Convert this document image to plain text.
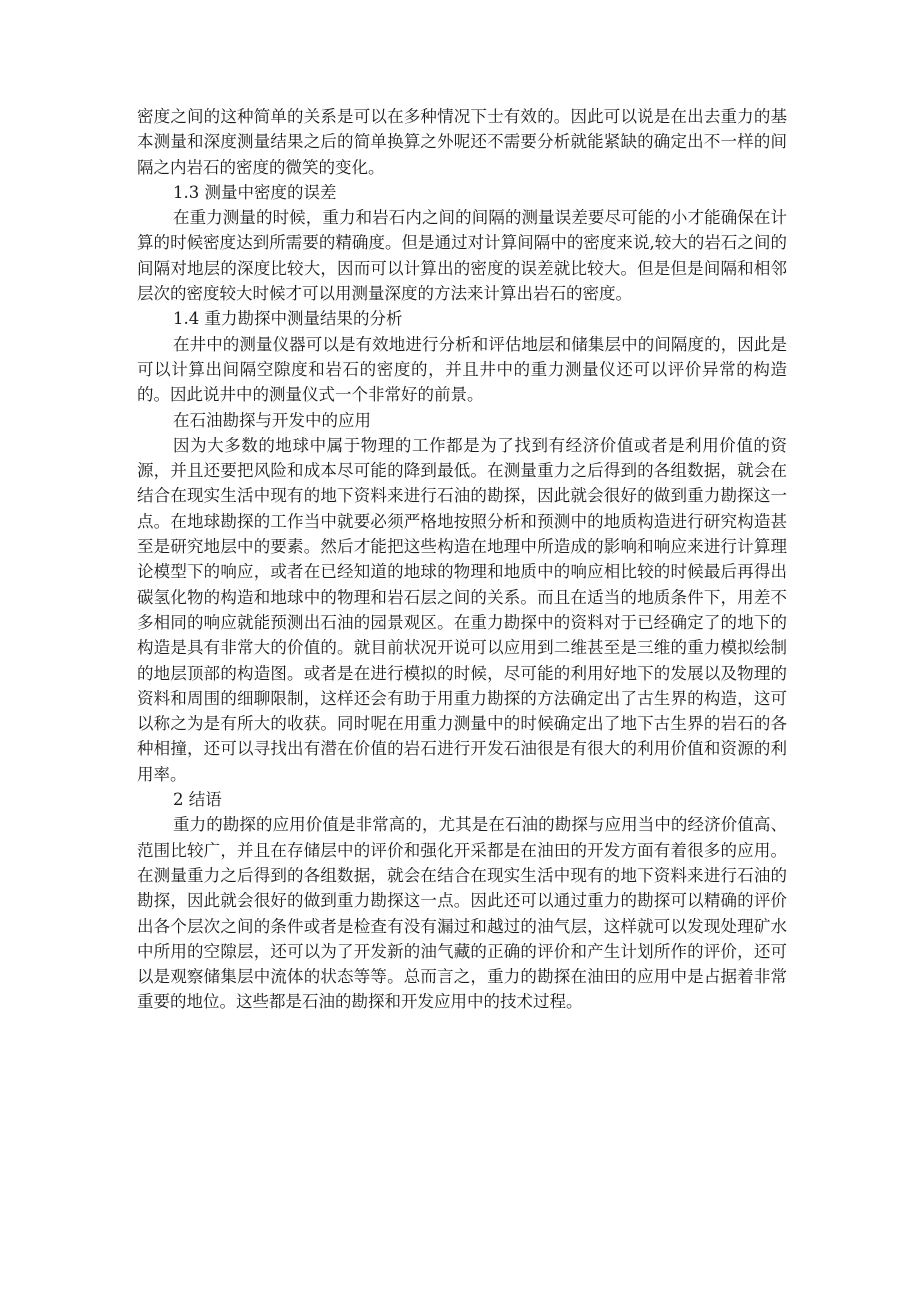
密度之间的这种简单的关系是可以在多种情况下士有效的。因此可以说是在出去重力的基本测量和深度测量结果之后的简单换算之外呢还不需要分析就能紧缺的确定出不一样的间隔之内岩石的密度的微笑的变化。

1.3 测量中密度的误差

在重力测量的时候，重力和岩石内之间的间隔的测量误差要尽可能的小才能确保在计算的时候密度达到所需要的精确度。但是通过对计算间隔中的密度来说,较大的岩石之间的间隔对地层的深度比较大，因而可以计算出的密度的误差就比较大。但是但是间隔和相邻层次的密度较大时候才可以用测量深度的方法来计算出岩石的密度。

1.4 重力勘探中测量结果的分析

在井中的测量仪器可以是有效地进行分析和评估地层和储集层中的间隔度的，因此是可以计算出间隔空隙度和岩石的密度的，并且井中的重力测量仪还可以评价异常的构造的。因此说井中的测量仪式一个非常好的前景。

在石油勘探与开发中的应用

因为大多数的地球中属于物理的工作都是为了找到有经济价值或者是利用价值的资源，并且还要把风险和成本尽可能的降到最低。在测量重力之后得到的各组数据，就会在结合在现实生活中现有的地下资料来进行石油的勘探，因此就会很好的做到重力勘探这一点。在地球勘探的工作当中就要必须严格地按照分析和预测中的地质构造进行研究构造甚至是研究地层中的要素。然后才能把这些构造在地理中所造成的影响和响应来进行计算理论模型下的响应，或者在已经知道的地球的物理和地质中的响应相比较的时候最后再得出碳氢化物的构造和地球中的物理和岩石层之间的关系。而且在适当的地质条件下，用差不多相同的响应就能预测出石油的园景观区。在重力勘探中的资料对于已经确定了的地下的构造是具有非常大的价值的。就目前状况开说可以应用到二维甚至是三维的重力模拟绘制的地层顶部的构造图。或者是在进行模拟的时候，尽可能的利用好地下的发展以及物理的资料和周围的细聊限制，这样还会有助于用重力勘探的方法确定出了古生界的构造，这可以称之为是有所大的收获。同时呢在用重力测量中的时候确定出了地下古生界的岩石的各种相撞，还可以寻找出有潜在价值的岩石进行开发石油很是有很大的利用价值和资源的利用率。

2 结语

重力的勘探的应用价值是非常高的，尤其是在石油的勘探与应用当中的经济价值高、范围比较广，并且在存储层中的评价和强化开采都是在油田的开发方面有着很多的应用。在测量重力之后得到的各组数据，就会在结合在现实生活中现有的地下资料来进行石油的勘探，因此就会很好的做到重力勘探这一点。因此还可以通过重力的勘探可以精确的评价出各个层次之间的条件或者是检查有没有漏过和越过的油气层，这样就可以发现处理矿水中所用的空隙层，还可以为了开发新的油气藏的正确的评价和产生计划所作的评价，还可以是观察储集层中流体的状态等等。总而言之，重力的勘探在油田的应用中是占据着非常重要的地位。这些都是石油的勘探和开发应用中的技术过程。
